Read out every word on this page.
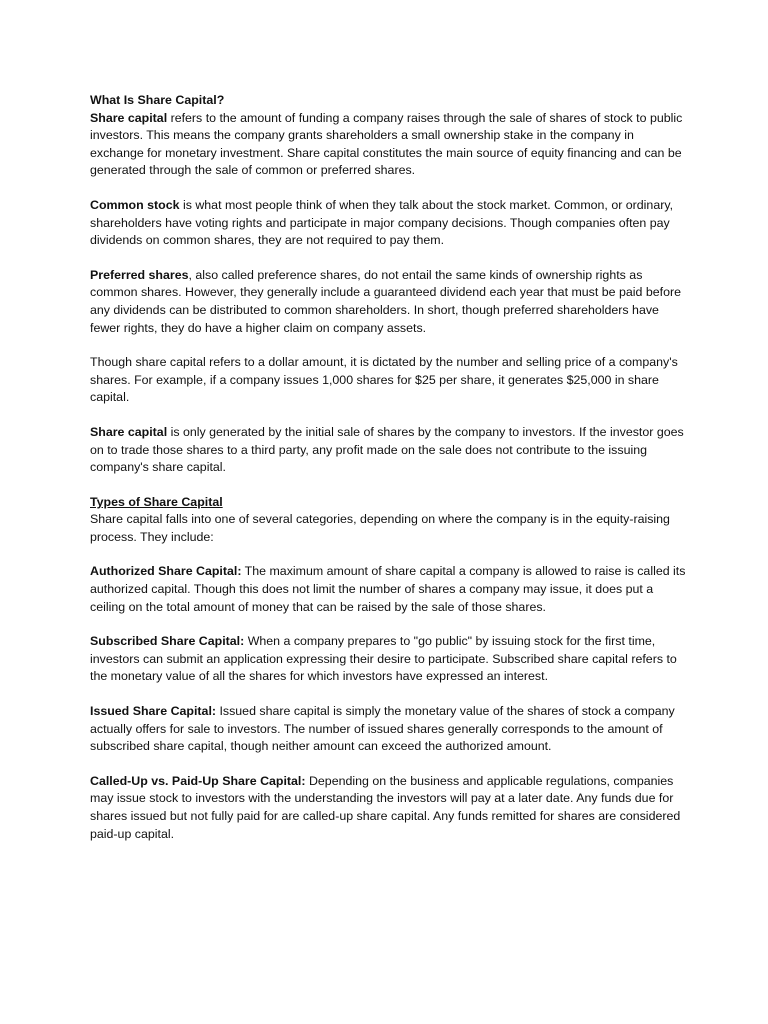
What Is Share Capital?
Share capital refers to the amount of funding a company raises through the sale of shares of stock to public investors. This means the company grants shareholders a small ownership stake in the company in exchange for monetary investment. Share capital constitutes the main source of equity financing and can be generated through the sale of common or preferred shares.

Common stock is what most people think of when they talk about the stock market. Common, or ordinary, shareholders have voting rights and participate in major company decisions. Though companies often pay dividends on common shares, they are not required to pay them.

Preferred shares, also called preference shares, do not entail the same kinds of ownership rights as common shares. However, they generally include a guaranteed dividend each year that must be paid before any dividends can be distributed to common shareholders. In short, though preferred shareholders have fewer rights, they do have a higher claim on company assets.

Though share capital refers to a dollar amount, it is dictated by the number and selling price of a company's shares. For example, if a company issues 1,000 shares for $25 per share, it generates $25,000 in share capital.

Share capital is only generated by the initial sale of shares by the company to investors. If the investor goes on to trade those shares to a third party, any profit made on the sale does not contribute to the issuing company's share capital.

Types of Share Capital
Share capital falls into one of several categories, depending on where the company is in the equity-raising process. They include:

Authorized Share Capital: The maximum amount of share capital a company is allowed to raise is called its authorized capital. Though this does not limit the number of shares a company may issue, it does put a ceiling on the total amount of money that can be raised by the sale of those shares.

Subscribed Share Capital: When a company prepares to "go public" by issuing stock for the first time, investors can submit an application expressing their desire to participate. Subscribed share capital refers to the monetary value of all the shares for which investors have expressed an interest.

Issued Share Capital: Issued share capital is simply the monetary value of the shares of stock a company actually offers for sale to investors. The number of issued shares generally corresponds to the amount of subscribed share capital, though neither amount can exceed the authorized amount.

Called-Up vs. Paid-Up Share Capital: Depending on the business and applicable regulations, companies may issue stock to investors with the understanding the investors will pay at a later date. Any funds due for shares issued but not fully paid for are called-up share capital. Any funds remitted for shares are considered paid-up capital.
